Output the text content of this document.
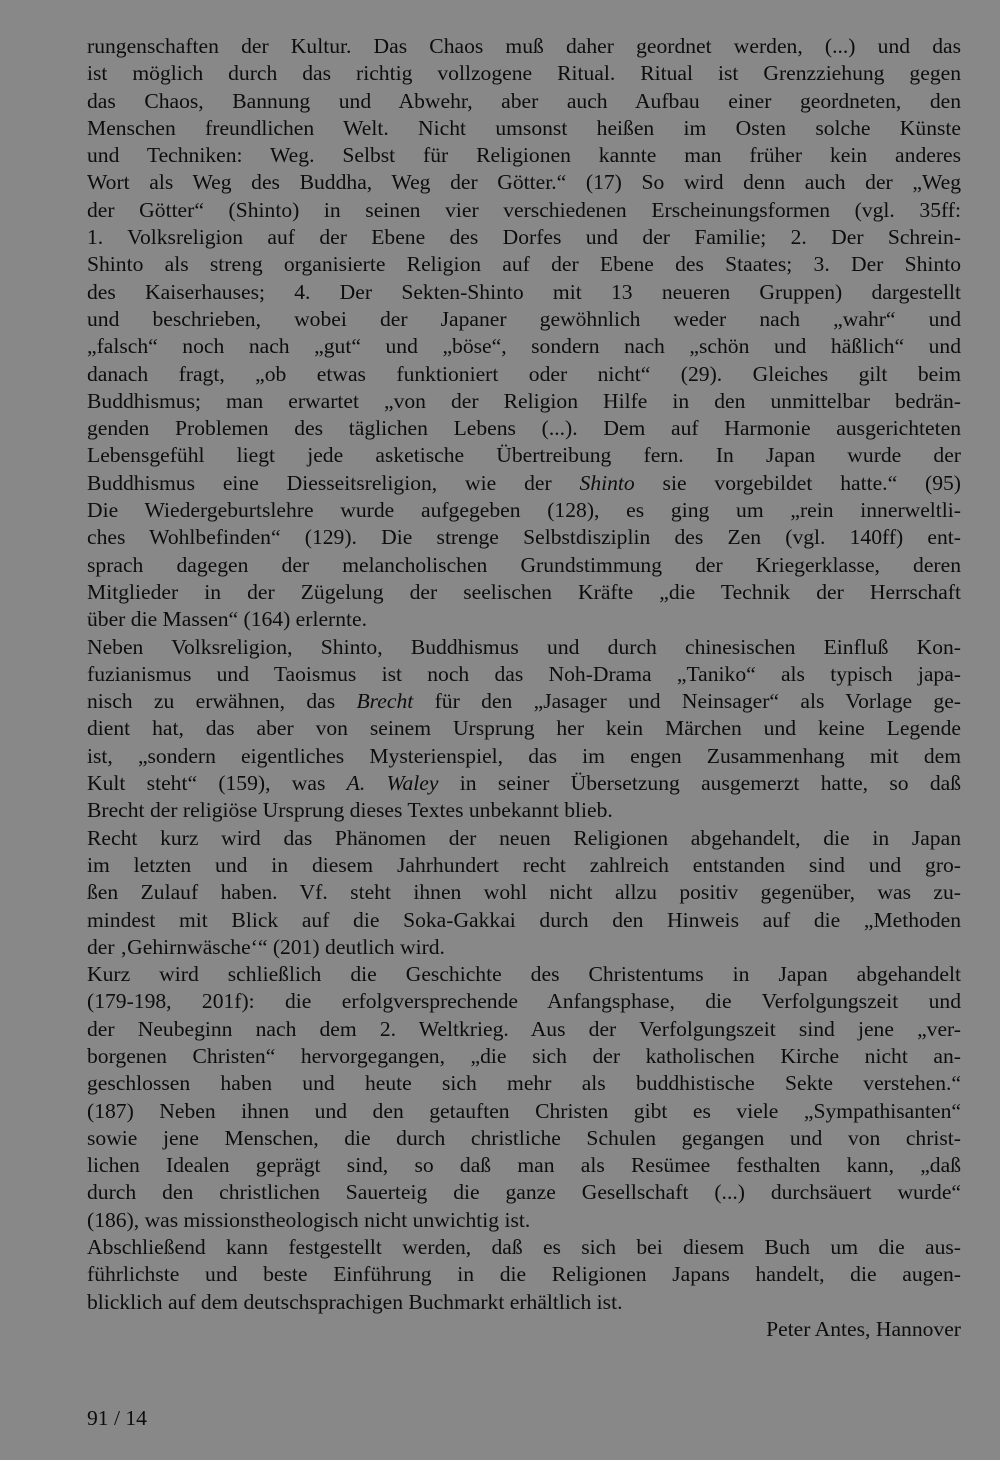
rungenschaften der Kultur. Das Chaos muß daher geordnet werden, (...) und das
ist möglich durch das richtig vollzogene Ritual. Ritual ist Grenzziehung gegen
das Chaos, Bannung und Abwehr, aber auch Aufbau einer geordneten, den
Menschen freundlichen Welt. Nicht umsonst heißen im Osten solche Künste
und Techniken: Weg. Selbst für Religionen kannte man früher kein anderes
Wort als Weg des Buddha, Weg der Götter.“ (17) So wird denn auch der „Weg
der Götter“ (Shinto) in seinen vier verschiedenen Erscheinungsformen (vgl. 35ff:
1. Volksreligion auf der Ebene des Dorfes und der Familie; 2. Der Schrein-
Shinto als streng organisierte Religion auf der Ebene des Staates; 3. Der Shinto
des Kaiserhauses; 4. Der Sekten-Shinto mit 13 neueren Gruppen) dargestellt
und beschrieben, wobei der Japaner gewöhnlich weder nach „wahr“ und
„falsch“ noch nach „gut“ und „böse“, sondern nach „schön und häßlich“ und
danach fragt, „ob etwas funktioniert oder nicht“ (29). Gleiches gilt beim
Buddhismus; man erwartet „von der Religion Hilfe in den unmittelbar bedrän-
genden Problemen des täglichen Lebens (...). Dem auf Harmonie ausgerichteten
Lebensgefühl liegt jede asketische Übertreibung fern. In Japan wurde der
Buddhismus eine Diesseitsreligion, wie der Shinto sie vorgebildet hatte.“ (95)
Die Wiedergeburtslehre wurde aufgegeben (128), es ging um „rein innerweltli-
ches Wohlbefinden“ (129). Die strenge Selbstdisziplin des Zen (vgl. 140ff) ent-
sprach dagegen der melancholischen Grundstimmung der Kriegerklasse, deren
Mitglieder in der Zügelung der seelischen Kräfte „die Technik der Herrschaft
über die Massen“ (164) erlernte.

Neben Volksreligion, Shinto, Buddhismus und durch chinesischen Einfluß Kon-
fuzianismus und Taoismus ist noch das Noh-Drama „Taniko“ als typisch japa-
nisch zu erwähnen, das Brecht für den „Jasager und Neinsager“ als Vorlage ge-
dient hat, das aber von seinem Ursprung her kein Märchen und keine Legende
ist, „sondern eigentliches Mysterienspiel, das im engen Zusammenhang mit dem
Kult steht“ (159), was A. Waley in seiner Übersetzung ausgemerzt hatte, so daß
Brecht der religiöse Ursprung dieses Textes unbekannt blieb.

Recht kurz wird das Phänomen der neuen Religionen abgehandelt, die in Japan
im letzten und in diesem Jahrhundert recht zahlreich entstanden sind und gro-
ßen Zulauf haben. Vf. steht ihnen wohl nicht allzu positiv gegenüber, was zu-
mindest mit Blick auf die Soka-Gakkai durch den Hinweis auf die „Methoden
der ‚Gehirnwäsche‘“ (201) deutlich wird.

Kurz wird schließlich die Geschichte des Christentums in Japan abgehandelt
(179-198, 201f): die erfolgversprechende Anfangsphase, die Verfolgungszeit und
der Neubeginn nach dem 2. Weltkrieg. Aus der Verfolgungszeit sind jene „ver-
borgenen Christen“ hervorgegangen, „die sich der katholischen Kirche nicht an-
geschlossen haben und heute sich mehr als buddhistische Sekte verstehen.“
(187) Neben ihnen und den getauften Christen gibt es viele „Sympathisanten“
sowie jene Menschen, die durch christliche Schulen gegangen und von christ-
lichen Idealen geprägt sind, so daß man als Resümee festhalten kann, „daß
durch den christlichen Sauerteig die ganze Gesellschaft (...) durchsäuert wurde“
(186), was missionstheologisch nicht unwichtig ist.

Abschließend kann festgestellt werden, daß es sich bei diesem Buch um die aus-
führlichste und beste Einführung in die Religionen Japans handelt, die augen-
blicklich auf dem deutschsprachigen Buchmarkt erhältlich ist.

Peter Antes, Hannover

91 / 14
